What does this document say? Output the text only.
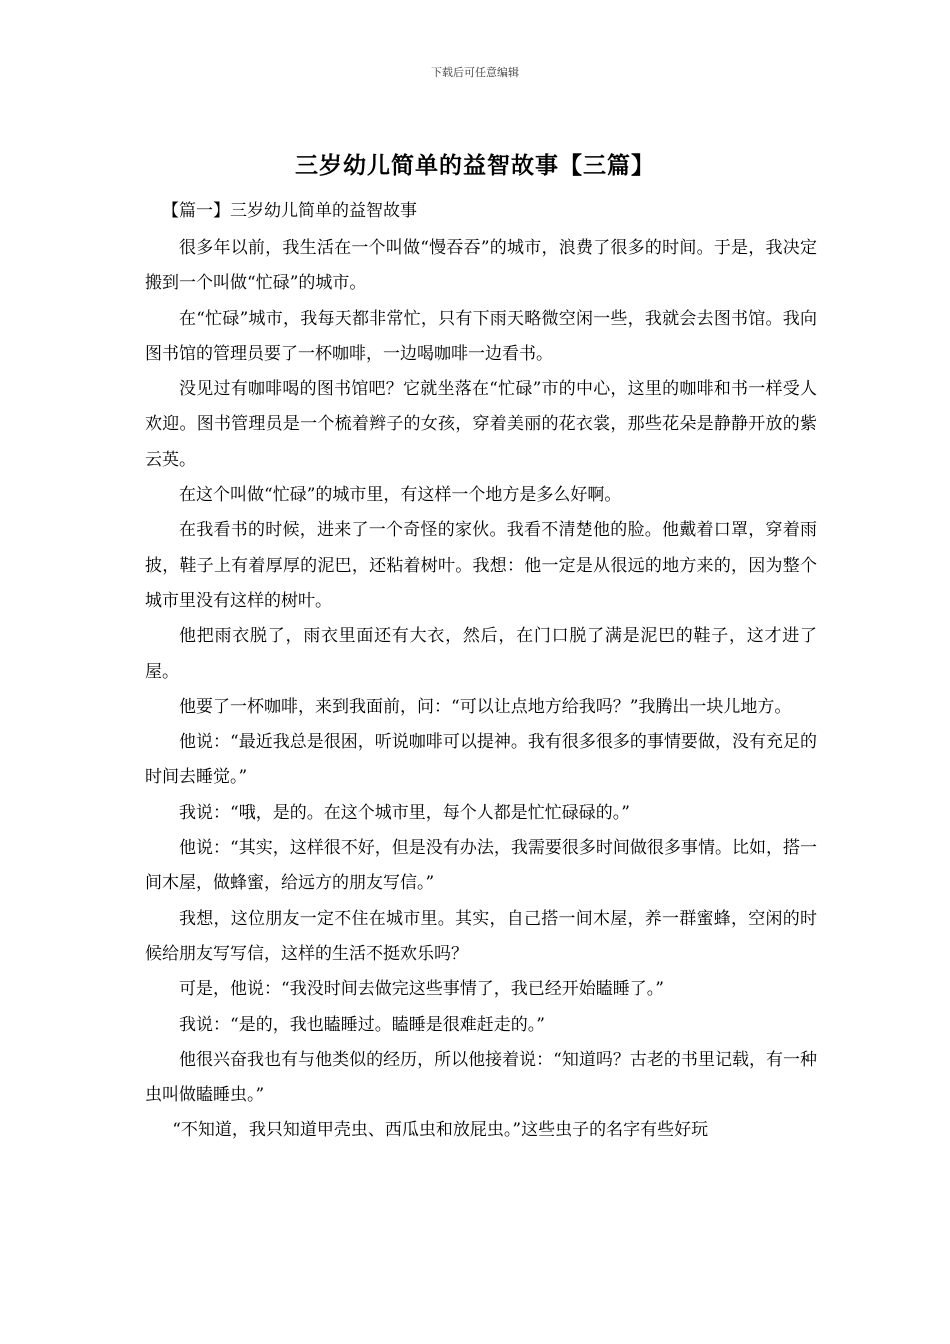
下载后可任意编辑
三岁幼儿简单的益智故事【三篇】
【篇一】三岁幼儿简单的益智故事

很多年以前，我生活在一个叫做“慢吞吞”的城市，浪费了很多的时间。于是，我决定搬到一个叫做“忙碌”的城市。

在“忙碌”城市，我每天都非常忙，只有下雨天略微空闲一些，我就会去图书馆。我向图书馆的管理员要了一杯咖啡，一边喝咖啡一边看书。

没见过有咖啡喝的图书馆吧？它就坐落在“忙碌”市的中心，这里的咖啡和书一样受人欢迎。图书管理员是一个梳着辫子的女孩，穿着美丽的花衣裳，那些花朵是静静开放的紫云英。

在这个叫做“忙碌”的城市里，有这样一个地方是多么好啊。

在我看书的时候，进来了一个奇怪的家伙。我看不清楚他的脸。他戴着口罩，穿着雨披，鞋子上有着厚厚的泥巴，还粘着树叶。我想：他一定是从很远的地方来的，因为整个城市里没有这样的树叶。

他把雨衣脱了，雨衣里面还有大衣，然后，在门口脱了满是泥巴的鞋子，这才进了屋。

他要了一杯咖啡，来到我面前，问：“可以让点地方给我吗？”我腾出一块儿地方。

他说：“最近我总是很困，听说咖啡可以提神。我有很多很多的事情要做，没有充足的时间去睡觉。”

我说：“哦，是的。在这个城市里，每个人都是忙忙碌碌的。”

他说：“其实，这样很不好，但是没有办法，我需要很多时间做很多事情。比如，搭一间木屋，做蜂蜜，给远方的朋友写信。”

我想，这位朋友一定不住在城市里。其实，自己搭一间木屋，养一群蜜蜂，空闲的时候给朋友写写信，这样的生活不挺欢乐吗？

可是，他说：“我没时间去做完这些事情了，我已经开始瞌睡了。”

我说：“是的，我也瞌睡过。瞌睡是很难赶走的。”

他很兴奋我也有与他类似的经历，所以他接着说：“知道吗？古老的书里记载，有一种虫叫做瞌睡虫。”

“不知道，我只知道甲壳虫、西瓜虫和放屁虫。”这些虫子的名字有些好玩
